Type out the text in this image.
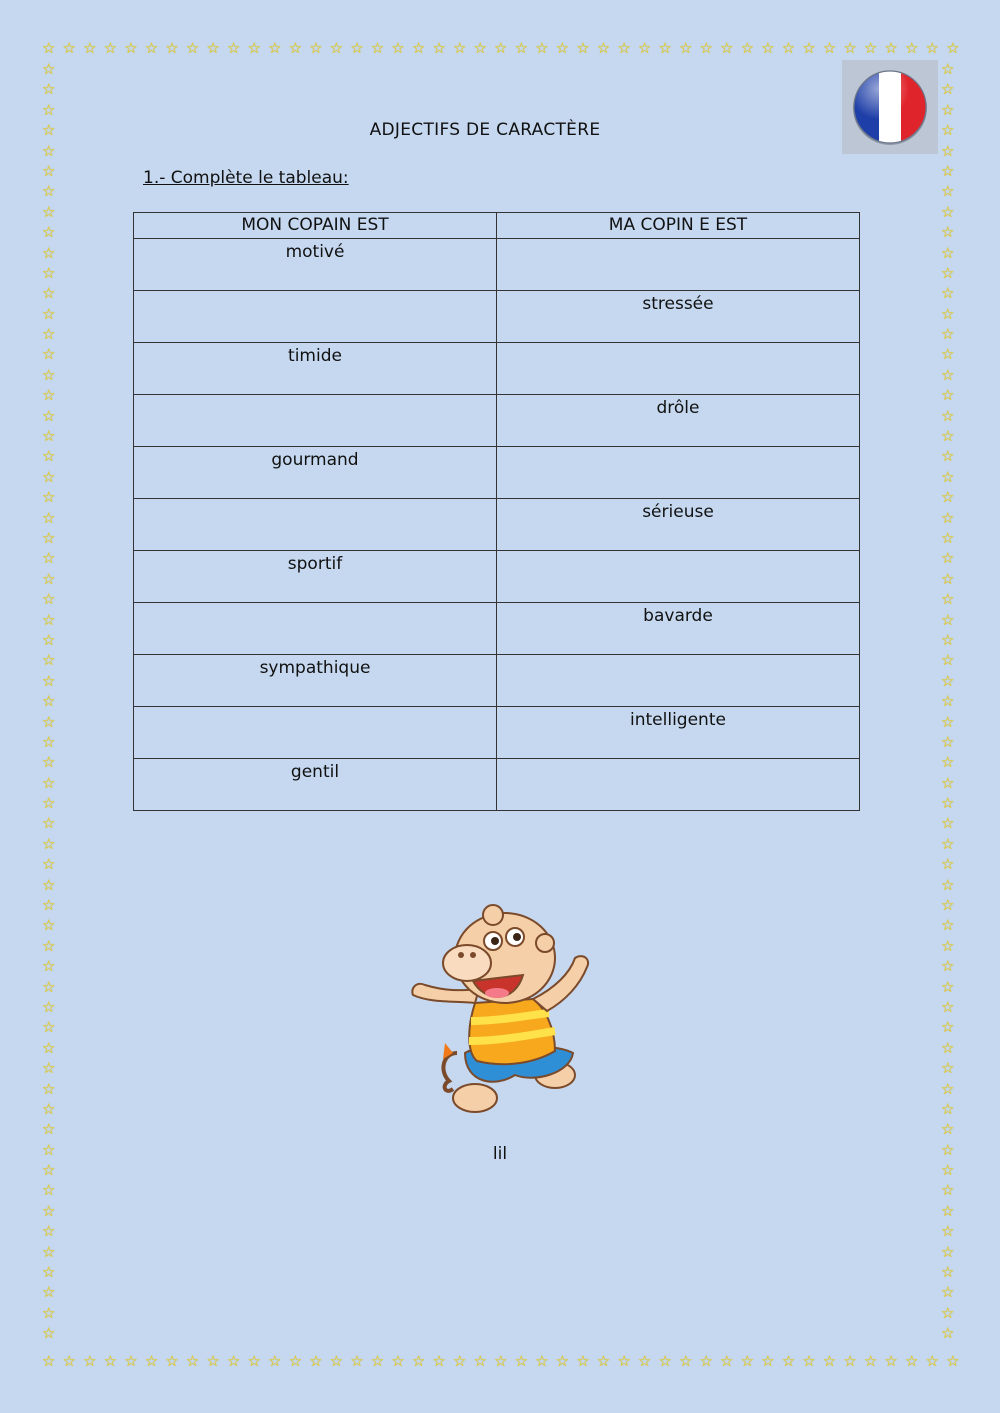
☆ ☆ ☆ ☆ ☆ ☆ ☆ ☆ ☆ ☆ ☆ ☆ ☆ ☆ ☆ ☆ ☆ ☆ ☆ ☆ ☆ ☆ ☆ ☆ ☆ ☆ ☆ ☆ ☆ ☆ ☆ ☆ ☆ ☆ ☆ ☆ ☆ ☆ ☆ ☆ ☆ ☆ ☆ ☆ ☆
☆ ☆ ☆ ☆ ☆ ☆ ☆ ☆ ☆ ☆ ☆ ☆ ☆ ☆ ☆ ☆ ☆ ☆ ☆ ☆ ☆ ☆ ☆ ☆ ☆ ☆ ☆ ☆ ☆ ☆ ☆ ☆ ☆ ☆ ☆ ☆ ☆ ☆ ☆ ☆ ☆ ☆ ☆ ☆ ☆
☆
☆
☆
☆
☆
☆
☆
☆
☆
☆
☆
☆
☆
☆
☆
☆
☆
☆
☆
☆
☆
☆
☆
☆
☆
☆
☆
☆
☆
☆
☆
☆
☆
☆
☆
☆
☆
☆
☆
☆
☆
☆
☆
☆
☆
☆
☆
☆
☆
☆
☆
☆
☆
☆
☆
☆
☆
☆
☆
☆
☆
☆
☆
☆
☆
☆
☆
☆
☆
☆
☆
☆
☆
☆
☆
☆
☆
☆
☆
☆
☆
☆
☆
☆
☆
☆
☆
☆
☆
☆
☆
☆
☆
☆
☆
☆
☆
☆
☆
☆
☆
☆
☆
☆
☆
☆
☆
☆
☆
☆
☆
☆
☆
☆
☆
☆
☆
☆
☆
☆
☆
☆
☆
☆
☆
☆
ADJECTIFS DE CARACTÈRE
1.- Complète le tableau:
MON COPAIN EST	MA COPIN E EST
motivé	
	stressée
timide	
	drôle
gourmand	
	sérieuse
sportif	
	bavarde
sympathique	
	intelligente
gentil	
lil
